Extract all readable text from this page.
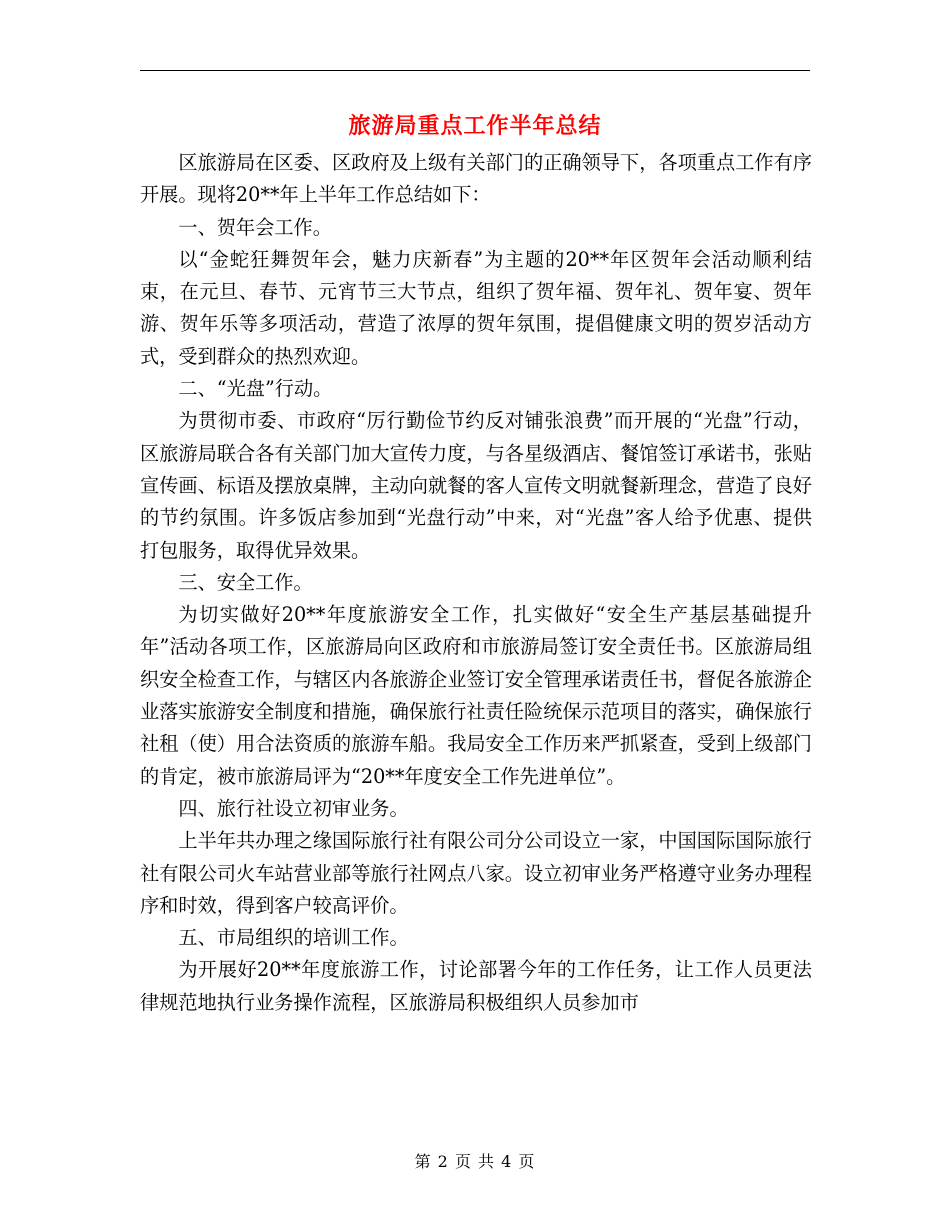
旅游局重点工作半年总结

区旅游局在区委、区政府及上级有关部门的正确领导下，各项重点工作有序开展。现将20**年上半年工作总结如下：

一、贺年会工作。

以“金蛇狂舞贺年会，魅力庆新春”为主题的20**年区贺年会活动顺利结束，在元旦、春节、元宵节三大节点，组织了贺年福、贺年礼、贺年宴、贺年游、贺年乐等多项活动，营造了浓厚的贺年氛围，提倡健康文明的贺岁活动方式，受到群众的热烈欢迎。

二、“光盘”行动。

为贯彻市委、市政府“厉行勤俭节约反对铺张浪费”而开展的“光盘”行动，区旅游局联合各有关部门加大宣传力度，与各星级酒店、餐馆签订承诺书，张贴宣传画、标语及摆放桌牌，主动向就餐的客人宣传文明就餐新理念，营造了良好的节约氛围。许多饭店参加到“光盘行动”中来，对“光盘”客人给予优惠、提供打包服务，取得优异效果。

三、安全工作。

为切实做好20**年度旅游安全工作，扎实做好“安全生产基层基础提升年”活动各项工作，区旅游局向区政府和市旅游局签订安全责任书。区旅游局组织安全检查工作，与辖区内各旅游企业签订安全管理承诺责任书，督促各旅游企业落实旅游安全制度和措施，确保旅行社责任险统保示范项目的落实，确保旅行社租（使）用合法资质的旅游车船。我局安全工作历来严抓紧查，受到上级部门的肯定，被市旅游局评为“20**年度安全工作先进单位”。

四、旅行社设立初审业务。

上半年共办理之缘国际旅行社有限公司分公司设立一家，中国国际国际旅行社有限公司火车站营业部等旅行社网点八家。设立初审业务严格遵守业务办理程序和时效，得到客户较高评价。

五、市局组织的培训工作。

为开展好20**年度旅游工作，讨论部署今年的工作任务，让工作人员更法律规范地执行业务操作流程，区旅游局积极组织人员参加市

第 2 页 共 4 页
